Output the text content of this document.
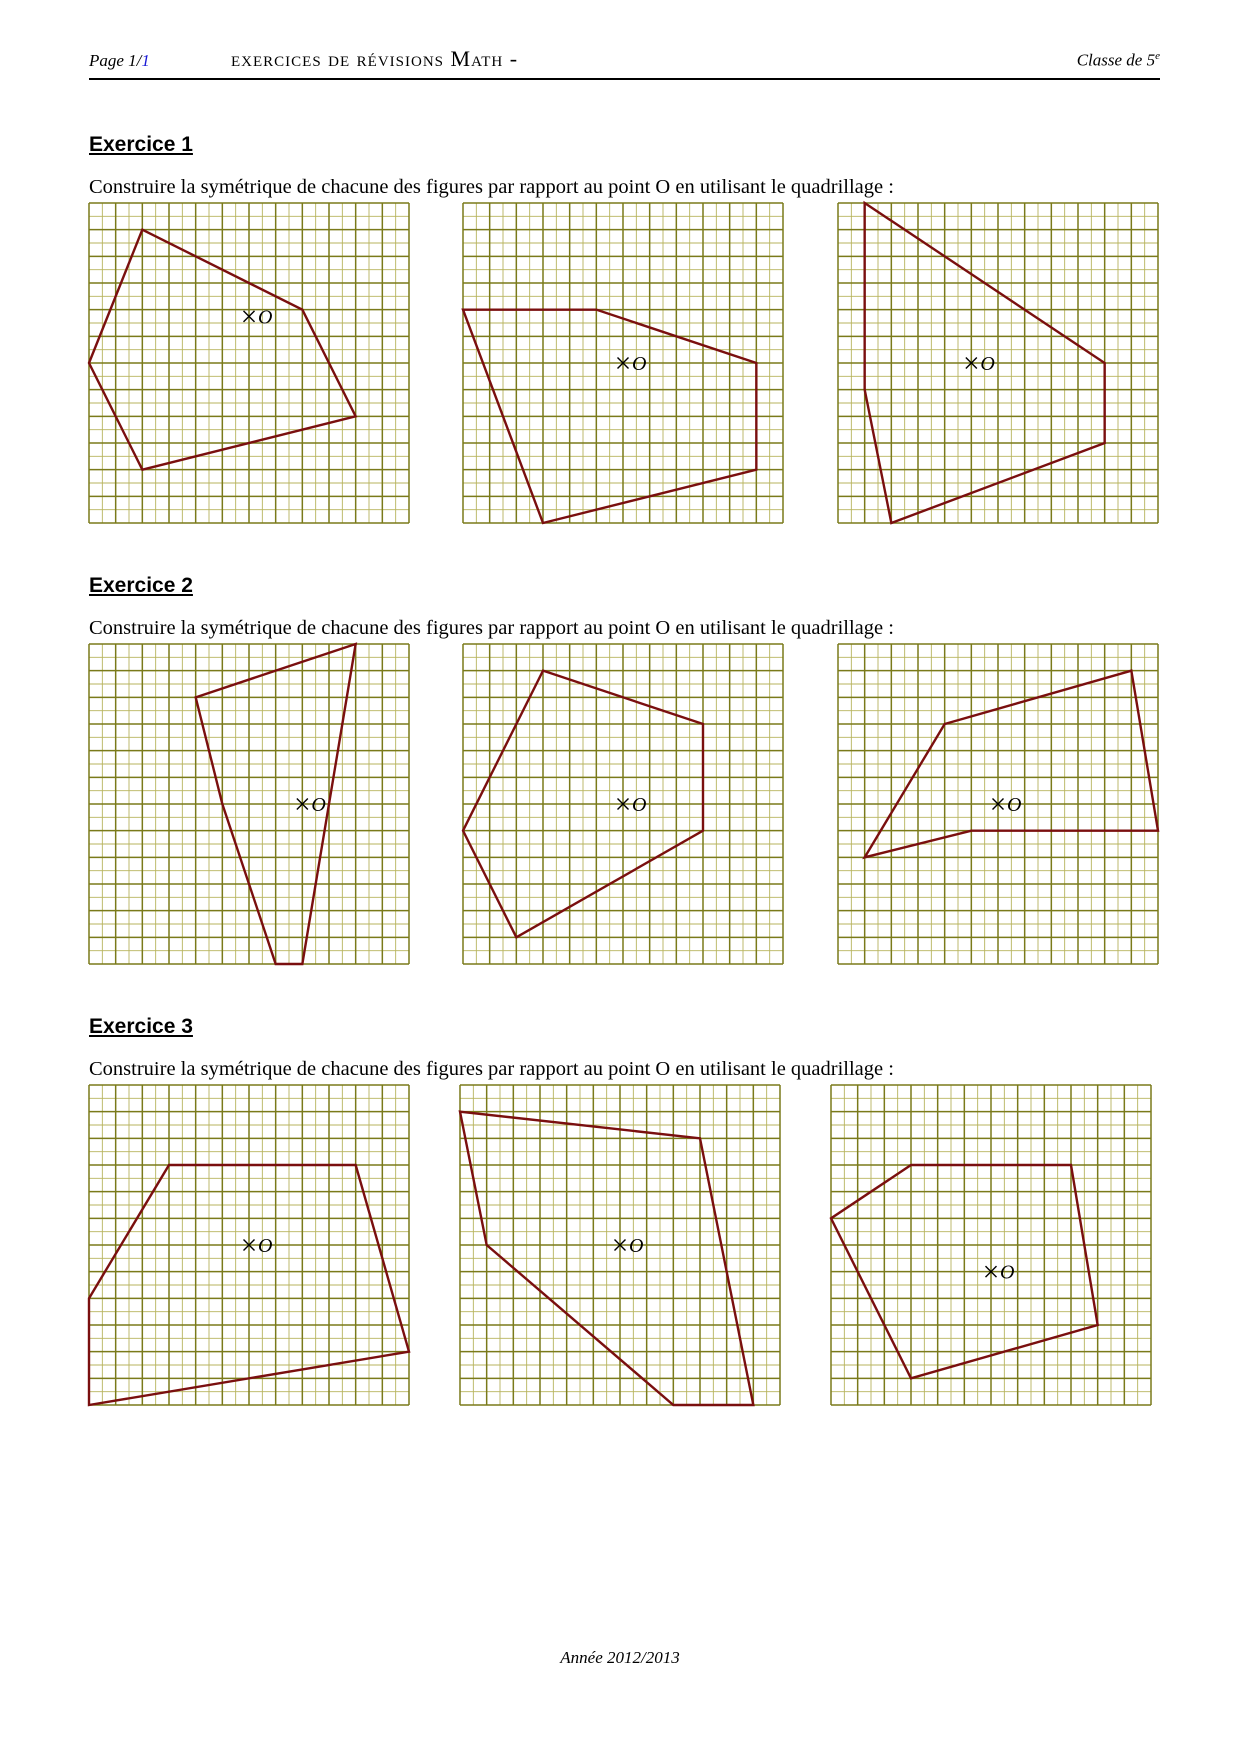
Page 1/1	exercices de révisions Math -	Classe de 5e
Exercice 1

Construire la symétrique de chacune des figures par rapport au point O en utilisant le quadrillage :

O
O	O
Exercice 2

Construire la symétrique de chacune des figures par rapport au point O en utilisant le quadrillage :

O	O	O
Exercice 3

Construire la symétrique de chacune des figures par rapport au point O en utilisant le quadrillage :

O	O
O
Année 2012/2013
